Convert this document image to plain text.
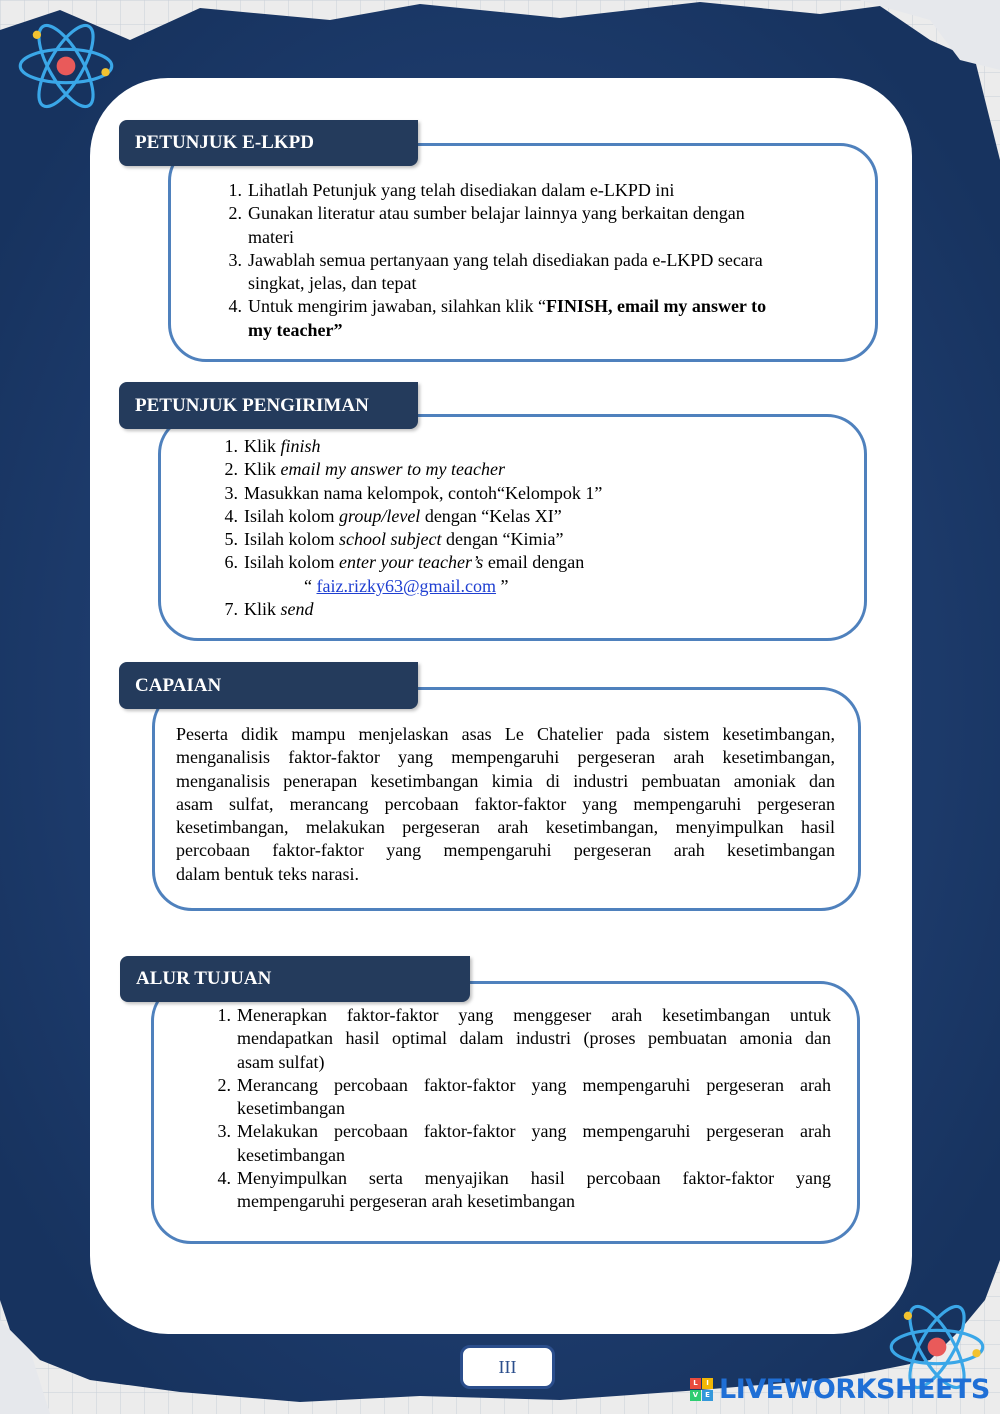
PETUNJUK E-LKPD
1. Lihatlah Petunjuk yang telah disediakan dalam e-LKPD ini
2. Gunakan literatur atau sumber belajar lainnya yang berkaitan dengan
materi
3. Jawablah semua pertanyaan yang telah disediakan pada e-LKPD secara
singkat, jelas, dan tepat
4. Untuk mengirim jawaban, silahkan klik “FINISH, email my answer to
my teacher”
PETUNJUK PENGIRIMAN
1. Klik finish
2. Klik email my answer to my teacher
3. Masukkan nama kelompok, contoh“Kelompok 1”
4. Isilah kolom group/level dengan “Kelas XI”
5. Isilah kolom school subject dengan “Kimia”
6. Isilah kolom enter your teacher’s email dengan
“ faiz.rizky63@gmail.com ”
7. Klik send
CAPAIAN
Peserta didik mampu menjelaskan asas Le Chatelier pada sistem kesetimbangan,
menganalisis faktor-faktor yang mempengaruhi pergeseran arah kesetimbangan,
menganalisis penerapan kesetimbangan kimia di industri pembuatan amoniak dan
asam sulfat, merancang percobaan faktor-faktor yang mempengaruhi pergeseran
kesetimbangan, melakukan pergeseran arah kesetimbangan, menyimpulkan hasil
percobaan faktor-faktor yang mempengaruhi pergeseran arah kesetimbangan
dalam bentuk teks narasi.
ALUR TUJUAN
1. Menerapkan faktor-faktor yang menggeser arah kesetimbangan untuk
mendapatkan hasil optimal dalam industri (proses pembuatan amonia dan
asam sulfat)
2. Merancang percobaan faktor-faktor yang mempengaruhi pergeseran arah
kesetimbangan
3. Melakukan percobaan faktor-faktor yang mempengaruhi pergeseran arah
kesetimbangan
4. Menyimpulkan serta menyajikan hasil percobaan faktor-faktor yang
mempengaruhi pergeseran arah kesetimbangan
III
L	I
V E LIVEWORKSHEETS
